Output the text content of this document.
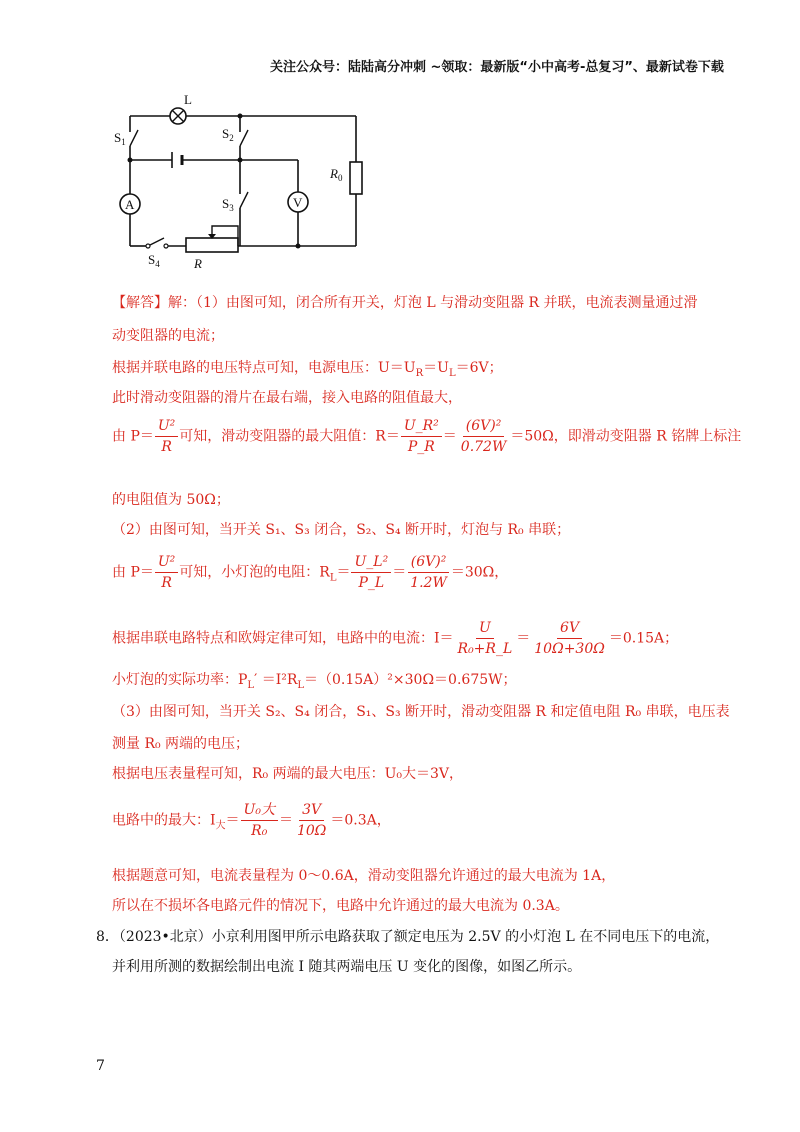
关注公众号：陆陆高分冲刺 ~领取：最新版“小中高考-总复习”、最新试卷下载
L
$S_1$
$S_2$
$S_3$
$S_4$
$R_0$
R
A	V
【解答】解：（1）由图可知，闭合所有开关，灯泡 L 与滑动变阻器 R 并联，电流表测量通过滑
动变阻器的电流；
根据并联电路的电压特点可知，电源电压：$U=U_R=U_L=6V$；
此时滑动变阻器的滑片在最右端，接入电路的阻值最大，
由 $P= \frac{\text{U²}}{R}$ 可知，滑动变阻器的最大阻值：$R= \frac{\text{U\_R²}}{P\_R} = \frac{\text{(6V)²}}{0.72W} =50\Omega$，即滑动变阻器 R 铭牌上标注
的电阻值为 50Ω；
（2）由图可知，当开关 S₁、S₃ 闭合，S₂、S₄ 断开时，灯泡与 R₀ 串联；
由 $P= \frac{\text{U²}}{R}$ 可知，小灯泡的电阻：$R_L= \frac{\text{U\_L²}}{P\_L} = \frac{\text{(6V)²}}{1.2W} =30\Omega$，
根据串联电路特点和欧姆定律可知，电路中的电流：$I= \frac{U}{\text{R₀+R\_L}} = \frac{6V}{10\Omega+30\Omega} =0.15A$；
小灯泡的实际功率：$P_L' =I^2R_L=(0.15A)^2\times 30\Omega=0.675W$；
（3）由图可知，当开关 S₂、S₄ 闭合，S₁、S₃ 断开时，滑动变阻器 R 和定值电阻 R₀ 串联，电压表
测量 R₀ 两端的电压；
根据电压表量程可知，R₀ 两端的最大电压：U₀大＝3V，
电路中的最大：$I_大= \frac{\text{U₀大}}{\text{R₀}} = \frac{3V}{10\Omega} =0.3A$，
根据题意可知，电流表量程为 0～0.6A，滑动变阻器允许通过的最大电流为 1A，
所以在不损坏各电路元件的情况下，电路中允许通过的最大电流为 0.3A。
8．（2023•北京）小京利用图甲所示电路获取了额定电压为 2.5V 的小灯泡 L 在不同电压下的电流，
并利用所测的数据绘制出电流 I 随其两端电压 U 变化的图像，如图乙所示。
7
